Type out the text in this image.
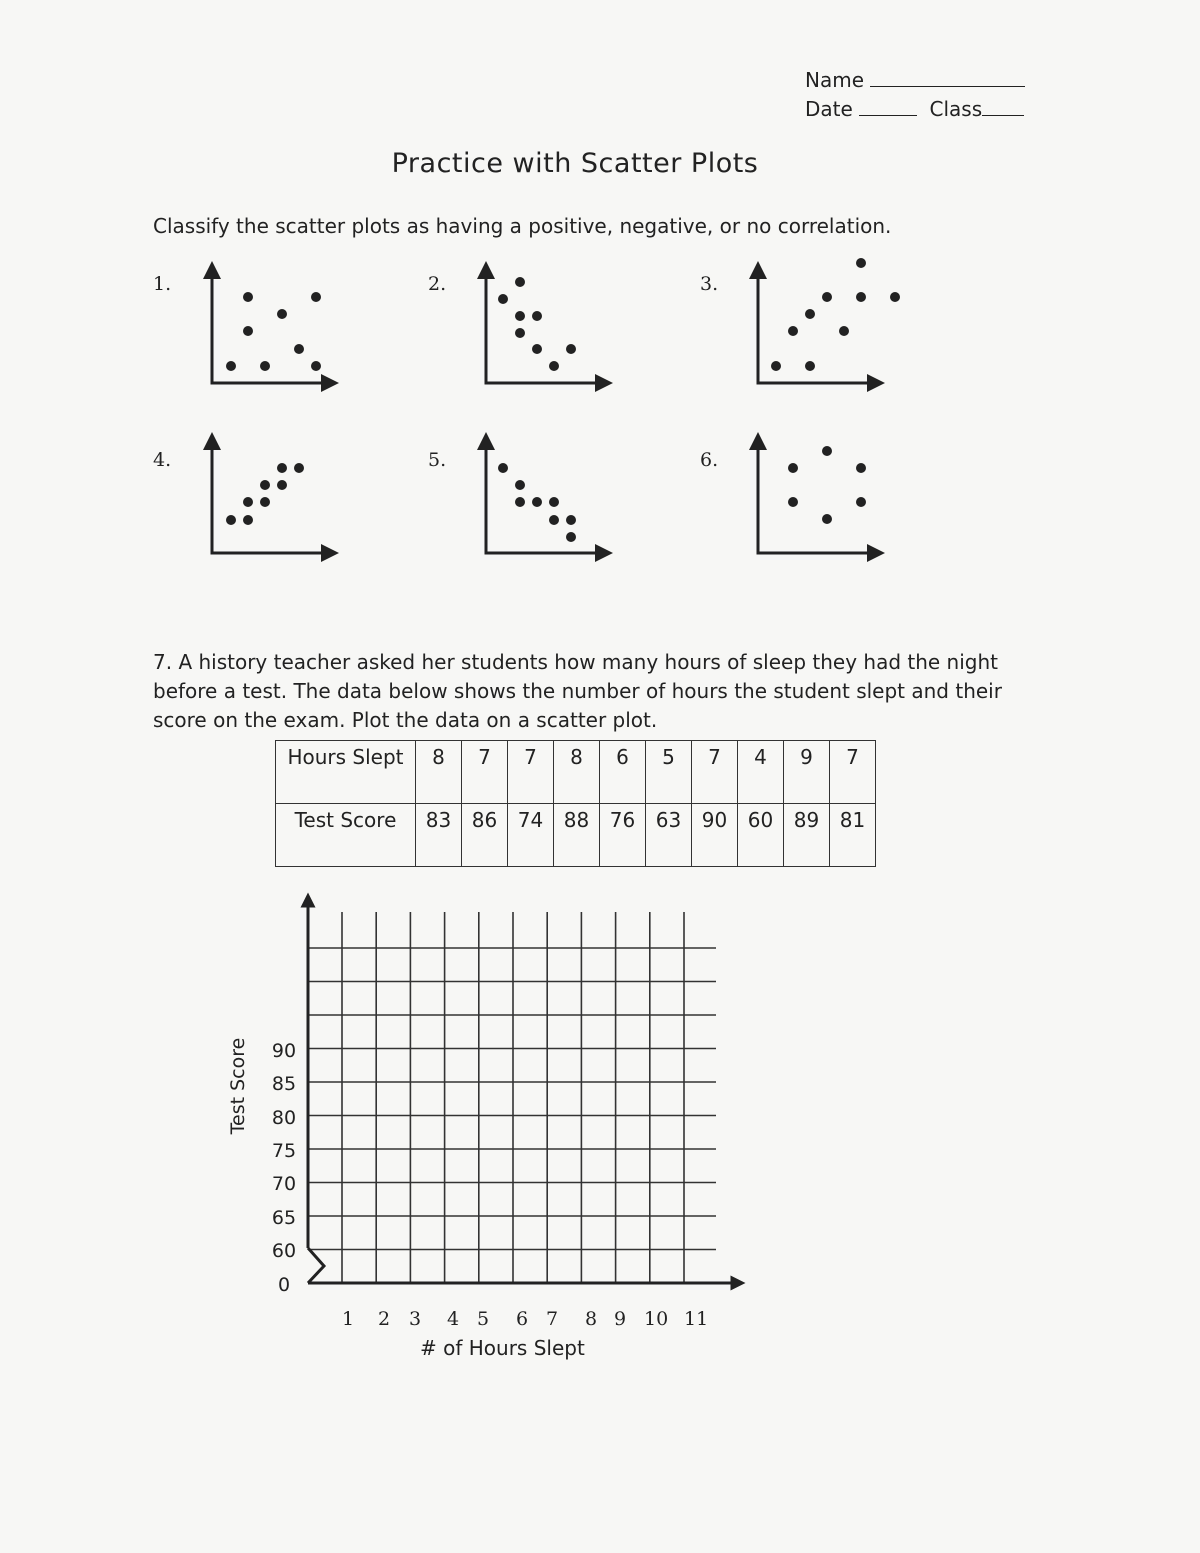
Name
Date	Class
Practice with Scatter Plots
Classify the scatter plots as having a positive, negative, or no correlation.
1.	2.	3.
4.	5.	6.
7. A history teacher asked her students how many hours of sleep they had the night before a test. The data below shows the number of hours the student slept and their score on the exam. Plot the data on a scatter plot.
Hours Slept	8	7	7	8	6	5	7	4	9	7
Test Score	83	86	74	88	76	63	90	60	89	81
Test Score 90
85
80
75
70
65
60
0
1 2 3 4 5 6 7 8 9 10 11
# of Hours Slept
